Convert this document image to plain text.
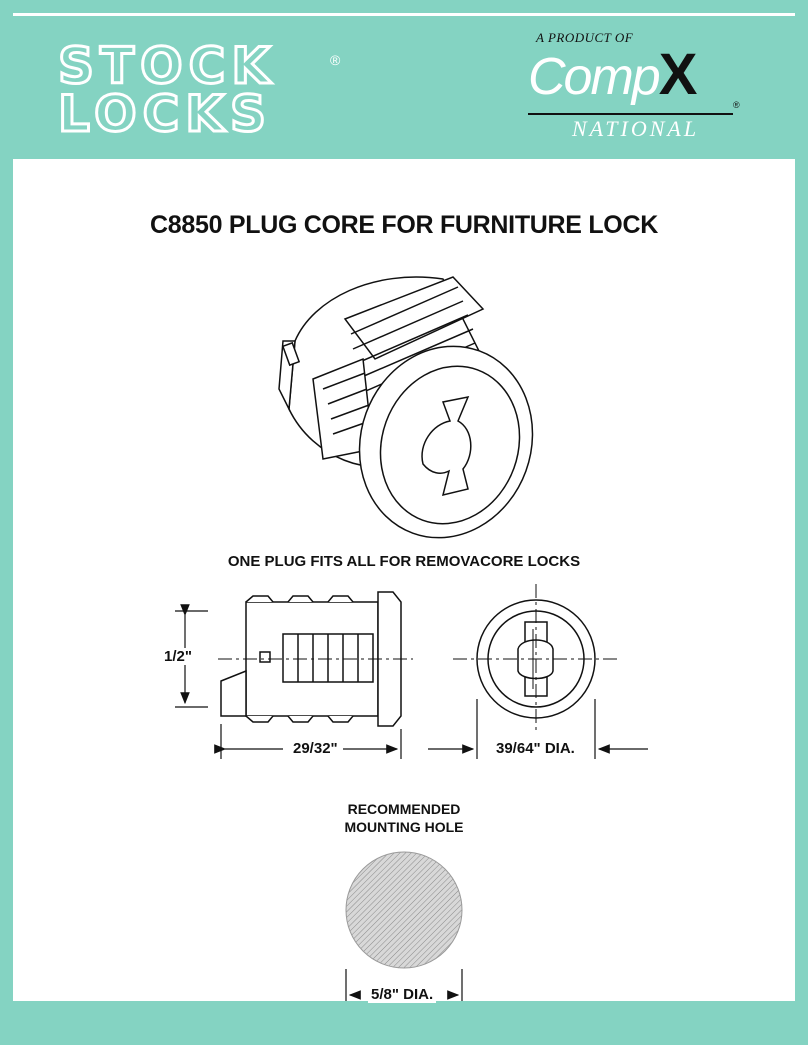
STOCK
LOCKS
®
A PRODUCT OF
CompX	®
NATIONAL
C8850 PLUG CORE FOR FURNITURE LOCK
ONE PLUG FITS ALL FOR REMOVACORE LOCKS
1/2"
29/32"	39/64" DIA.
5/8" DIA.
RECOMMENDED
MOUNTING HOLE
